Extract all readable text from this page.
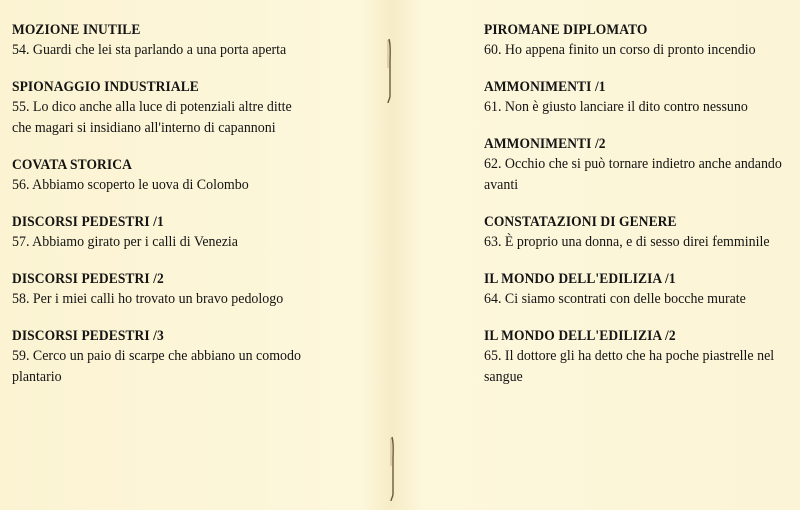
MOZIONE INUTILE
54. Guardi che lei sta parlando a una porta aperta
SPIONAGGIO INDUSTRIALE
55. Lo dico anche alla luce di potenziali altre ditte che magari si insidiano all'interno di capannoni
COVATA STORICA
56. Abbiamo scoperto le uova di Colombo
DISCORSI PEDESTRI /1
57. Abbiamo girato per i calli di Venezia
DISCORSI PEDESTRI /2
58. Per i miei calli ho trovato un bravo pedologo
DISCORSI PEDESTRI /3
59. Cerco un paio di scarpe che abbiano un comodo plantario
PIROMANE DIPLOMATO
60. Ho appena finito un corso di pronto incendio
AMMONIMENTI /1
61. Non è giusto lanciare il dito contro nessuno
AMMONIMENTI /2
62. Occhio che si può tornare indietro anche andando avanti
CONSTATAZIONI DI GENERE
63. È proprio una donna, e di sesso direi femminile
IL MONDO DELL'EDILIZIA /1
64. Ci siamo scontrati con delle bocche murate
IL MONDO DELL'EDILIZIA /2
65. Il dottore gli ha detto che ha poche piastrelle nel sangue
